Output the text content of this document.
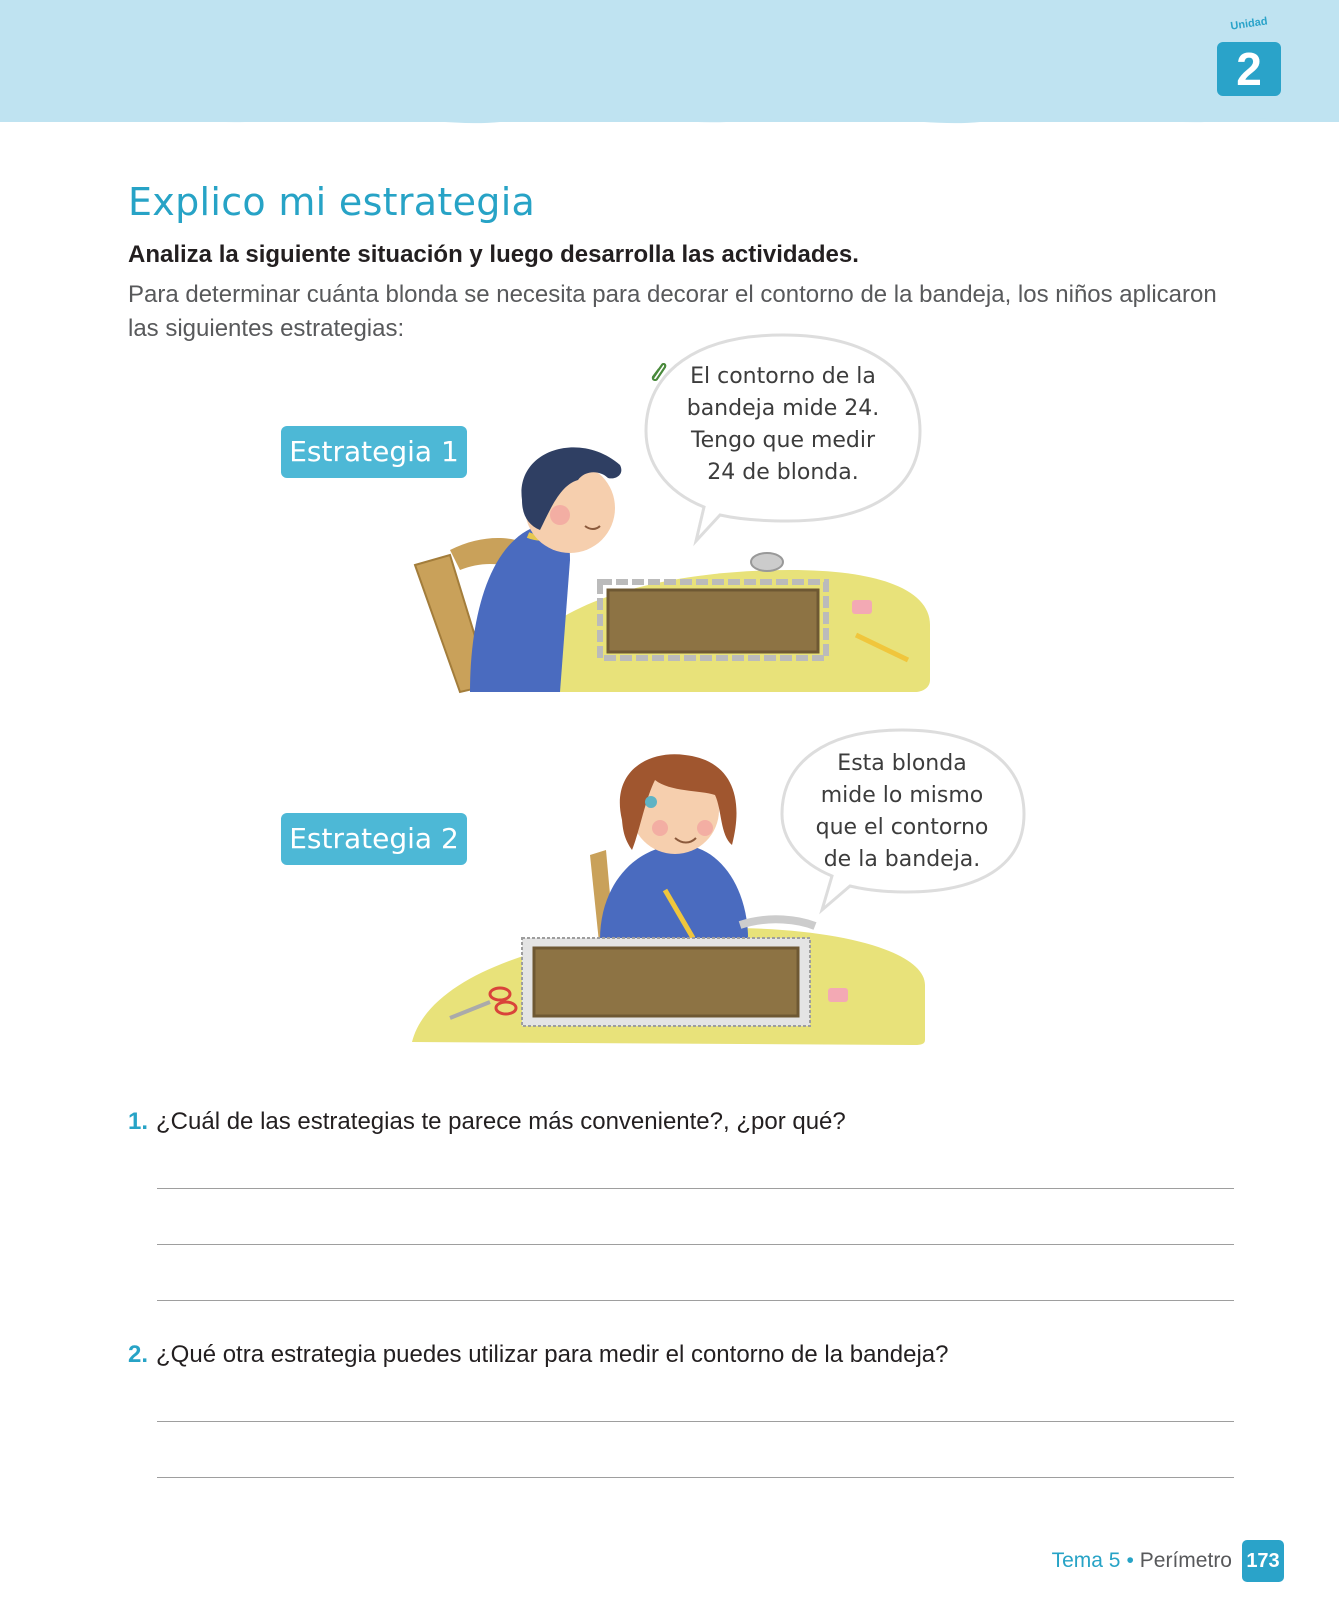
Unidad
2
Explico mi estrategia
Analiza la siguiente situación y luego desarrolla las actividades.
Para determinar cuánta blonda se necesita para decorar el contorno de la bandeja, los niños aplicaron las siguientes estrategias:
Estrategia 1
Estrategia 2
El contorno de la
bandeja mide 24
.
Tengo que medir
24
de blonda.
Esta blonda
mide lo mismo
que el contorno
de la bandeja.
1. ¿Cuál de las estrategias te parece más conveniente?, ¿por qué?
2. ¿Qué otra estrategia puedes utilizar para medir el contorno de la bandeja?
Tema 5 • Perímetro 173
